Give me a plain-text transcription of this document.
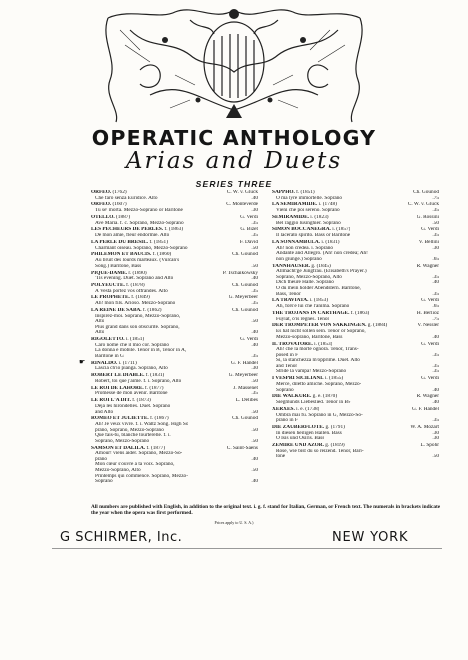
OPERATIC ANTHOLOGY
Arias and Duets
SERIES THREE
ORFEO. (1762)	C. W. v. Gluck
Che farò senza Euridice. Alto	.40
ORFEO. (1607)	C. Monteverde
Tu se' morta. Mezzo-Soprano or Baritone	.30
OTELLO. (1887)	G. Verdi
Ave Maria. f. c. Soprano, Mezzo-Soprano	.35
LES PÊCHEURS DE PERLES. f. (1863)	G. Bizet
De mon amie, fleur endormie. Alto	.35
LA PERLE DU BRÉSIL. f. (1851)	F. David
Charmant oiseau. Soprano, Mezzo-Soprano	.50
PHILÉMON ET BAUCIS. f. (1860)	Ch. Gounod
Au bruit des lourds marteaux. (Vulcan's
Song.) Baritone, Bass	.50
PIQUE-DAME. r. (1890)	P. Tschaikowsky
'Tis evening. Duet. Soprano and Alto	.40
POLYEUCTE. f. (1878)	Ch. Gounod
À Vesta portez vos offrandes. Alto	.35
LE PROPHÈTE. f. (1849)	G. Meyerbeer
Ah! mon fils. Arioso. Mezzo-Soprano	.35
LA REINE DE SABA. f. (1862)	Ch. Gounod
Inspirez-moi. Soprano, Mezzo-Soprano,
Alto	.50
Plus grand dans son obscurité. Soprano,
Alto	.40
RIGOLETTO. i. (1851)	G. Verdi
Caro nome che il mio cor. Soprano	.40
La donna è mobile. Tenor in B, Tenor in A,
Baritone in G	.35
☛ RINALDO. i. (1711)	G. F. Händel
Lascia ch'io pianga. Soprano, Alto	.30
ROBERT LE DIABLE. f. (1831)	G. Meyerbeer
Robert, toi que j'aime. f. i. Soprano, Alto	.50
LE ROI DE LAHORE. f. (1877)	J. Massenet
Promesse de mon avenir. Baritone	.35
LE ROI L'A DIT. f. (1873)	L. Delibes
Déjà les hirondelles. Duet. Soprano
and Alto	.50
ROMÉO ET JULIETTE. f. (1867)	Ch. Gounod
Ah! Je veux vivre. f. i. Waltz Song. High So
prano, Soprano, Mezzo-Soprano	.50
Que fais-tu, blanche tourterelle. f. i.
Soprano, Mezzo-Soprano	.50
SAMSON ET DALILA. f. (1877)	C. Saint-Saëns
Amour! viens aider. Soprano, Mezzo-So-
prano	.40
Mon cœur s'ouvre à ta voix. Soprano,
Mezzo-Soprano, Alto	.50
Printemps qui commence. Soprano, Mezzo-
Soprano	.40
SAPPHO. f. (1851)	Ch. Gounod
O ma lyre immortelle. Soprano	.75
LA SEMIRAMIDE. i. (1748)	C. W. v. Gluck
Vieni che poi sereno. Soprano	.35
SEMIRAMIDE. i. (1823)	G. Rossini
Bel raggio lusinghier. Soprano	.50
SIMON BOCCANEGRA. i. (1857)	G. Verdi
Il lacerato spirito. Bass or Baritone	.35
LA SONNAMBULA. i. (1831)	V. Bellini
Ah! non credea. i. Soprano	.30
Andante and Allegro. (Ah! non credea; Ah!
non giunge.) Soprano	.65
TANNHÄUSER. g. (1845)	R. Wagner
Allmächt'ge Jungfrau. (Elisabeth's Prayer.)
Soprano, Mezzo-Soprano, Alto	.35
Dich theure Halle. Soprano	.40
O du mein holder Abendstern. Baritone,
Bass, Tenor	.35
LA TRAVIATA. i. (1853)	G. Verdi
Ah, fors'è lui che l'anima. Soprano	.65
THE TROJANS IN CARTHAGE. f. (1863)	H. Berlioz
Fuyiat, ô'is régnes. Tenor	.75
DER TROMPETER VON SÄKKINGEN. g. (1884)	V. Nessler
Es hat nicht sollen sein. Tenor or Soprano,
Mezzo-soprano, Baritone, Bass	.40
IL TROVATORE. i. (1853)	G. Verdi
Ah! che la morte ognora. Tenor, Trans-
posed in F	.35
Si, la stanchezza m'opprime. Duet. Alto
and Tenor	.35
Stride la vampa! Mezzo-Soprano	.35
I VESPRI SICILIANI. i. (1855)	G. Verdi
Merce, diletto amiche. Soprano, Mezzo-
Soprano	.40
DIE WALKÜRE. g. e. (1870)	R. Wagner
Siegmunds Liebeslied. Tenor in B♭	.40
XERXES. i. e. (1738)	G. F. Händel
Ombra mai fu. Soprano in G, Mezzo-So-
prano in F	.35
DIE ZAUBERFLÖTE. g. (1791)	W. A. Mozart
In diesen heiligen Hallen. Bass	.30
O Isis und Osiris. Bass	.30
ZEMIRE UND AZOR. g. (1819)	L. Spohr
Rose, wie bist du so reizend. Tenor, Bari-
tone	.50
All numbers are published with English, in addition to the original text. i. g. f. stand for Italian, German, or French text. The numerals in brackets indicate the year when the opera was first performed.
Prices apply to U. S. A.)
G SCHIRMER, Inc.	NEW YORK
